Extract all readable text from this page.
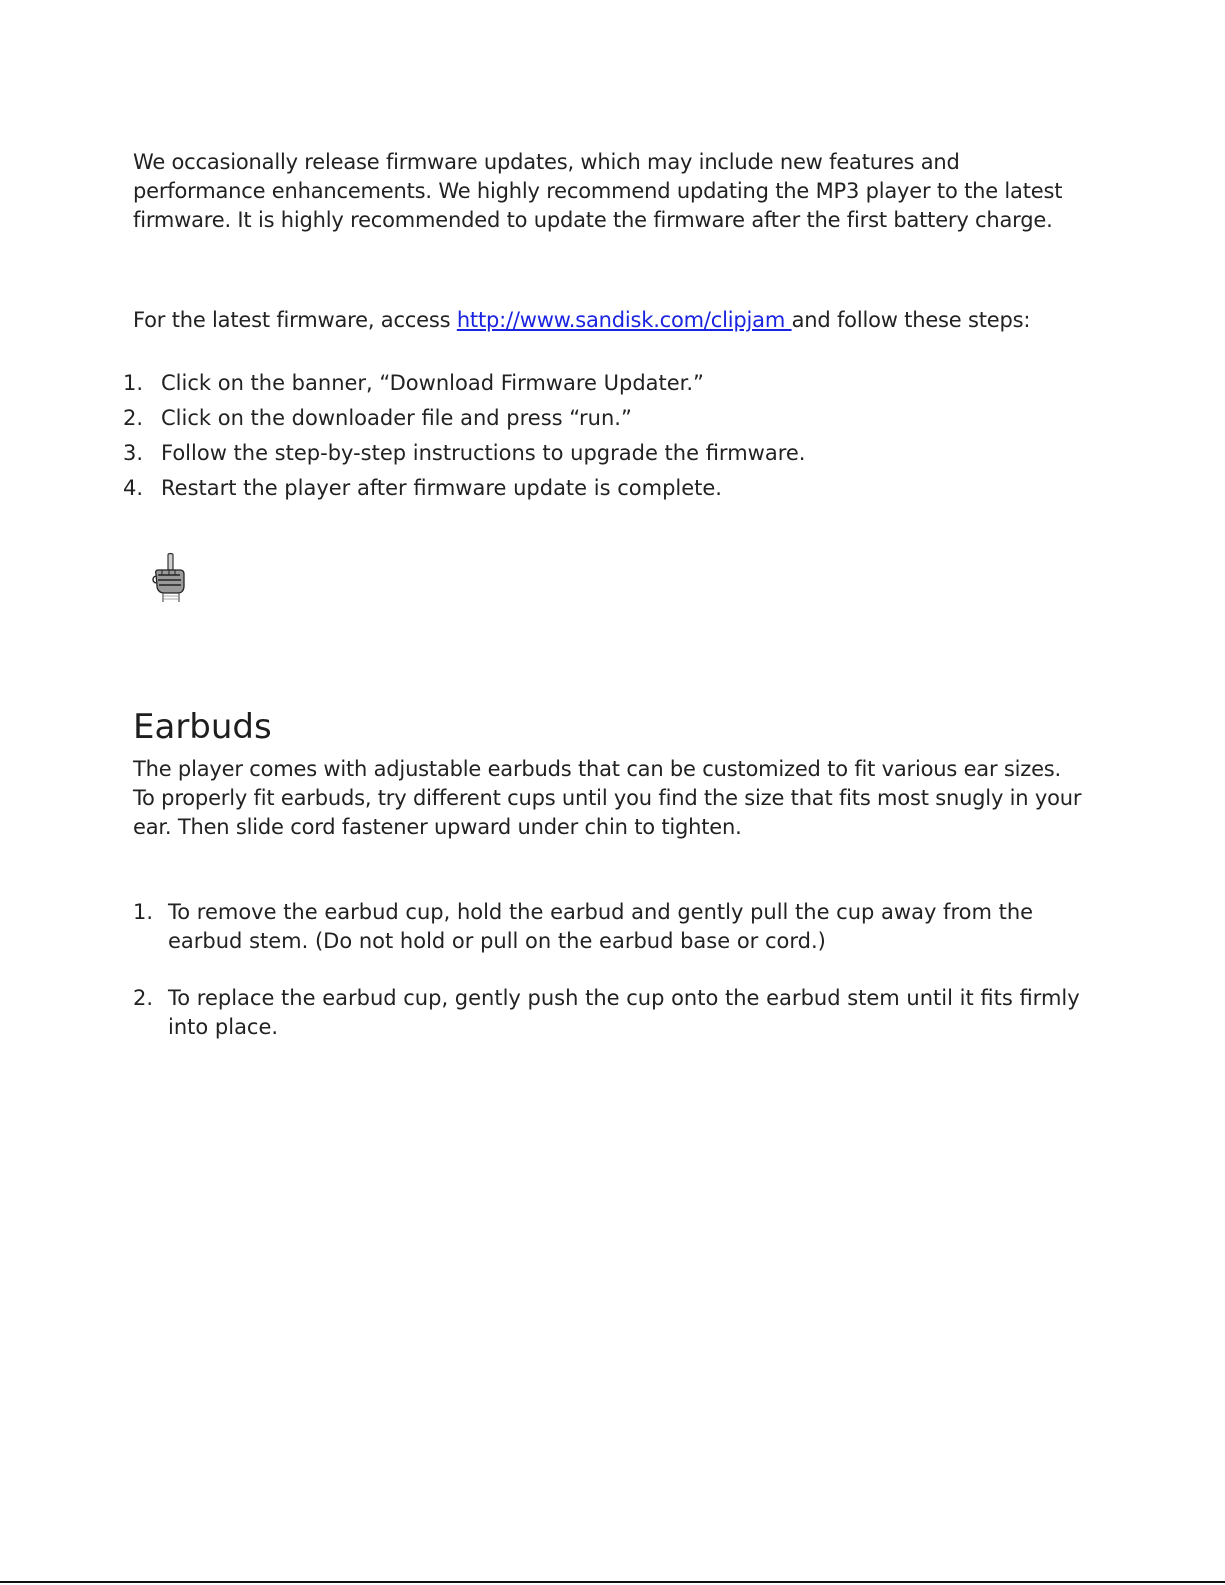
We occasionally release firmware updates, which may include new features and performance enhancements. We highly recommend updating the MP3 player to the latest firmware. It is highly recommended to update the firmware after the first battery charge.

For the latest firmware, access http://www.sandisk.com/clipjam and follow these steps:

1. Click on the banner, “Download Firmware Updater.”
2. Click on the downloader file and press “run.”
3. Follow the step-by-step instructions to upgrade the firmware.
4. Restart the player after firmware update is complete.
Earbuds

The player comes with adjustable earbuds that can be customized to fit various ear sizes. To properly fit earbuds, try different cups until you find the size that fits most snugly in your ear. Then slide cord fastener upward under chin to tighten.

1. To remove the earbud cup, hold the earbud and gently pull the cup away from the earbud stem. (Do not hold or pull on the earbud base or cord.)
2. To replace the earbud cup, gently push the cup onto the earbud stem until it fits firmly into place.
